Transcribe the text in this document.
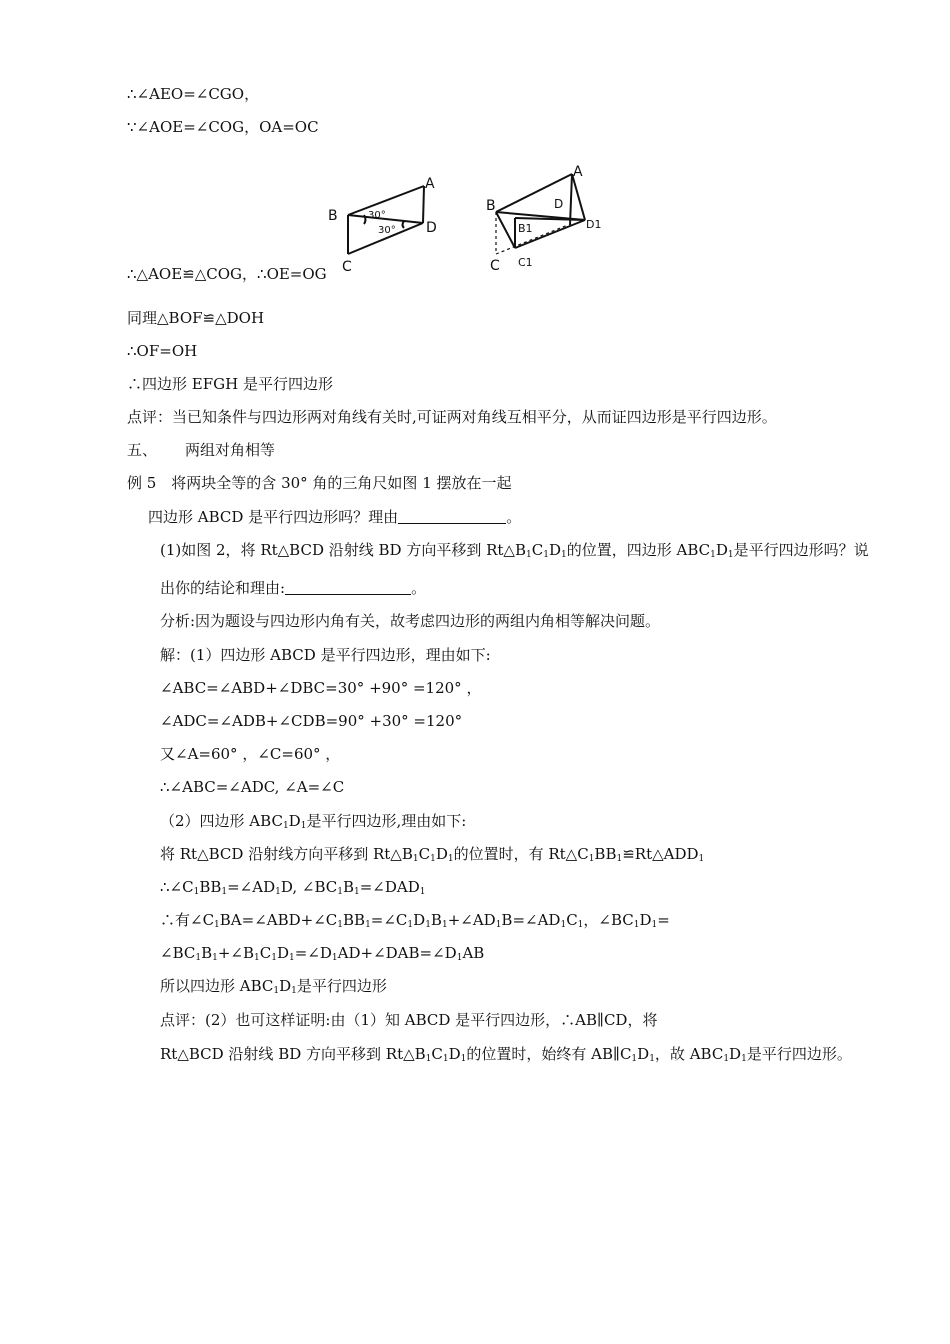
∴∠AEO=∠CGO，
∵∠AOE=∠COG，OA=OC
A
B
D
C
30°
30°
A
B	D
B1	D1
C1
C
∴△AOE≌△COG，∴OE=OG
同理△BOF≌△DOH
∴OF=OH
∴四边形 EFGH 是平行四边形
点评：当已知条件与四边形两对角线有关时,可证两对角线互相平分，从而证四边形是平行四边形。
五、 两组对角相等
例 5　将两块全等的含 30° 角的三角尺如图 1 摆放在一起
四边形 ABCD 是平行四边形吗？理由	。
(1)如图 2，将 Rt△BCD 沿射线 BD 方向平移到 $Rt\triangle B_1C_1D_1$的位置，四边形 $ABC_1D_1$是平行四边形吗？说
出你的结论和理由:	。
分析:因为题设与四边形内角有关，故考虑四边形的两组内角相等解决问题。
解：(1）四边形 ABCD 是平行四边形，理由如下:
∠ABC=∠ABD+∠DBC=30° +90° =120° ，
∠ADC=∠ADB+∠CDB=90° +30° =120°
又∠A=60° ，∠C=60° ，
∴∠ABC=∠ADC, ∠A=∠C
（2）四边形 $ABC_1D_1$是平行四边形,理由如下:
将 Rt△BCD 沿射线方向平移到 $Rt\triangle B_1C_1D_1$的位置时，有 $Rt\triangle C_1BB_1≌Rt\triangle ADD_1$
$\therefore\angle C_1BB_1=\angle AD_1D$, $\angle BC_1B_1=\angle DAD_1$
∴有$\angle C_1BA=\angle ABD+\angle C_1BB_1=\angle C_1D_1B_1+\angle AD_1B=\angle AD_1C_1$，$\angle BC_1D_1=$
$\angle BC_1B_1+\angle B_1C_1D_1=\angle D_1AD+\angle DAB=\angle D_1AB$
所以四边形 $ABC_1D_1$是平行四边形
点评：(2）也可这样证明:由（1）知 ABCD 是平行四边形，∴AB∥CD，将
Rt△BCD 沿射线 BD 方向平移到 $Rt\triangle B_1C_1D_1$的位置时，始终有 $AB\parallel C_1D_1$，故 $ABC_1D_1$是平行四边形。
